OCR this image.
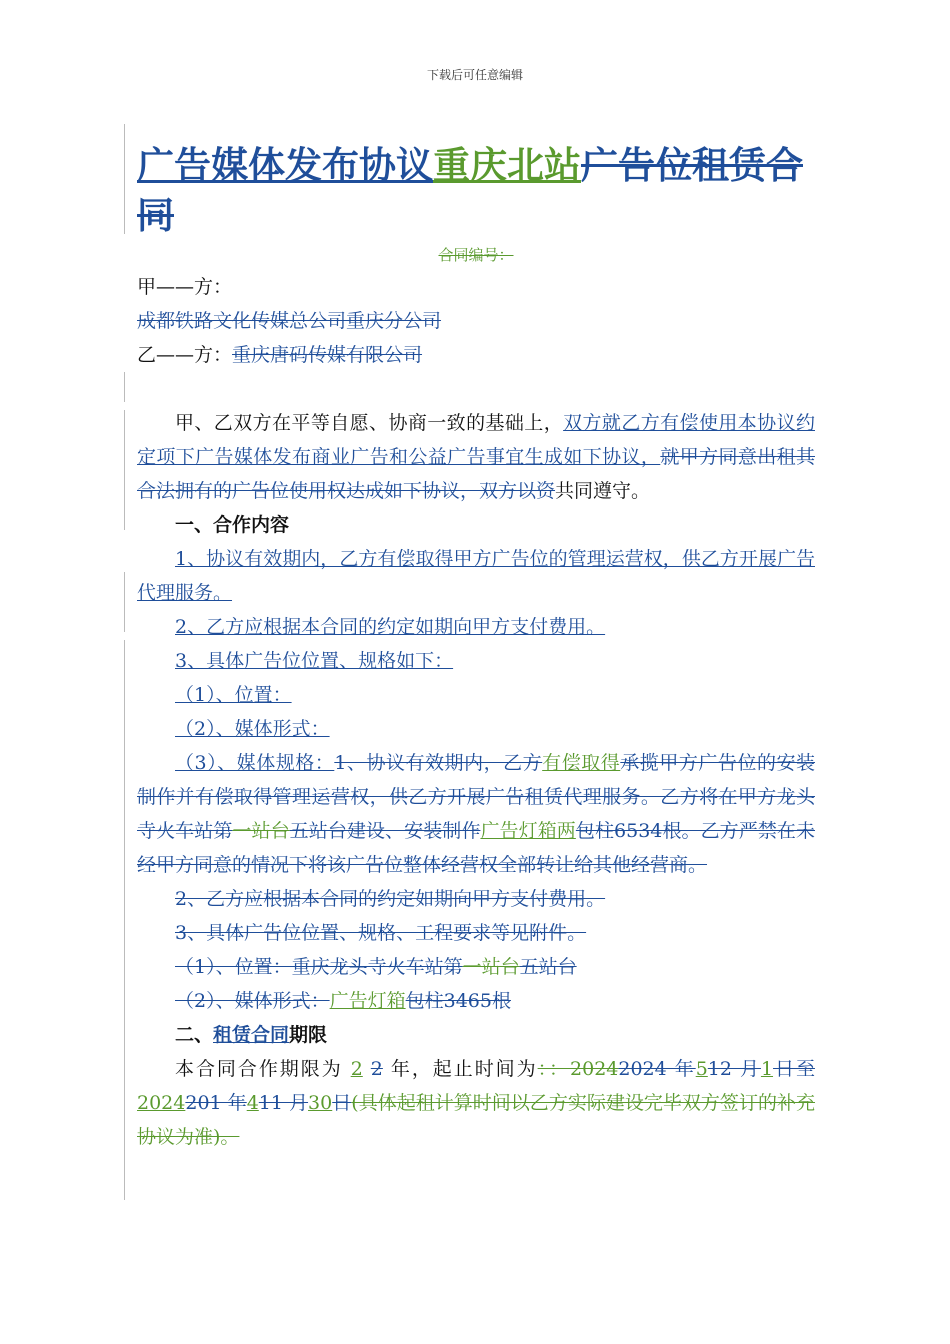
下载后可任意编辑
广告媒体发布协议重庆北站广告位租赁合同
合同编号：
甲——方：
成都铁路文化传媒总公司重庆分公司
乙——方：重庆唐码传媒有限公司

甲、乙双方在平等自愿、协商一致的基础上，双方就乙方有偿使用本协议约定项下广告媒体发布商业广告和公益广告事宜生成如下协议，就甲方同意出租其合法拥有的广告位使用权达成如下协议，双方以资共同遵守。

一、合作内容

1、协议有效期内，乙方有偿取得甲方广告位的管理运营权，供乙方开展广告代理服务。

2、乙方应根据本合同的约定如期向甲方支付费用。
3、具体广告位位置、规格如下：
（1）、位置：
（2）、媒体形式：

（3）、媒体规格：1、协议有效期内，乙方有偿取得承揽甲方广告位的安装制作并有偿取得管理运营权，供乙方开展广告租赁代理服务。乙方将在甲方龙头寺火车站第一站台五站台建设、安装制作广告灯箱两包柱6534根。乙方严禁在未经甲方同意的情况下将该广告位整体经营权全部转让给其他经营商。

2、乙方应根据本合同的约定如期向甲方支付费用。
3、具体广告位位置、规格、工程要求等见附件。
（1）、位置：重庆龙头寺火车站第一站台五站台
（2）、媒体形式：广告灯箱包柱3465根
二、租赁合同期限

本合同合作期限为 2 2 年，起止时间为：：20242024 年512 月1日至2024201 年411 月30日(具体起租计算时间以乙方实际建设完毕双方签订的补充协议为准)。
